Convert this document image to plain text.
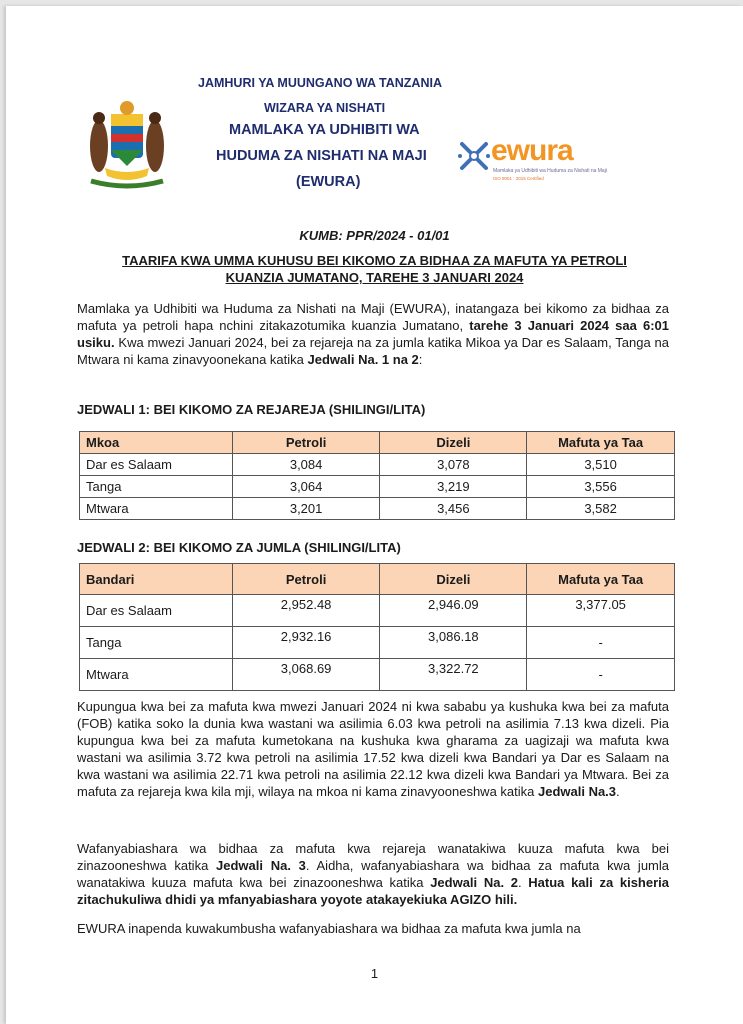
JAMHURI YA MUUNGANO WA TANZANIA
WIZARA YA NISHATI
MAMLAKA YA UDHIBITI WA
HUDUMA ZA NISHATI NA MAJI
(EWURA)
ewura
Mamlaka ya Udhibiti wa Huduma za Nishati na Maji
ISO 9001 : 2015 Certified
KUMB: PPR/2024 - 01/01
TAARIFA KWA UMMA KUHUSU BEI KIKOMO ZA BIDHAA ZA MAFUTA YA PETROLI
KUANZIA JUMATANO, TAREHE 3 JANUARI 2024
Mamlaka ya Udhibiti wa Huduma za Nishati na Maji (EWURA), inatangaza bei kikomo za bidhaa za mafuta ya petroli hapa nchini zitakazotumika kuanzia Jumatano, tarehe 3 Januari 2024 saa 6:01 usiku. Kwa mwezi Januari 2024, bei za rejareja na za jumla katika Mikoa ya Dar es Salaam, Tanga na Mtwara ni kama zinavyoonekana katika Jedwali Na. 1 na 2:
JEDWALI 1: BEI KIKOMO ZA REJAREJA (SHILINGI/LITA)
Mkoa	Petroli	Dizeli	Mafuta ya Taa
Dar es Salaam	3,084	3,078	3,510
Tanga	3,064	3,219	3,556
Mtwara	3,201	3,456	3,582
JEDWALI 2: BEI KIKOMO ZA JUMLA (SHILINGI/LITA)
Bandari	Petroli	Dizeli	Mafuta ya Taa
Dar es Salaam	2,952.48	2,946.09	3,377.05
Tanga	2,932.16	3,086.18	-
Mtwara	3,068.69	3,322.72	-
Kupungua kwa bei za mafuta kwa mwezi Januari 2024 ni kwa sababu ya kushuka kwa bei za mafuta (FOB) katika soko la dunia kwa wastani wa asilimia 6.03 kwa petroli na asilimia 7.13 kwa dizeli. Pia kupungua kwa bei za mafuta kumetokana na kushuka kwa gharama za uagizaji wa mafuta kwa wastani wa asilimia 3.72 kwa petroli na asilimia 17.52 kwa dizeli kwa Bandari ya Dar es Salaam na kwa wastani wa asilimia 22.71 kwa petroli na asilimia 22.12 kwa dizeli kwa Bandari ya Mtwara. Bei za mafuta za rejareja kwa kila mji, wilaya na mkoa ni kama zinavyooneshwa katika Jedwali Na.3.
Wafanyabiashara wa bidhaa za mafuta kwa rejareja wanatakiwa kuuza mafuta kwa bei zinazooneshwa katika Jedwali Na. 3. Aidha, wafanyabiashara wa bidhaa za mafuta kwa jumla wanatakiwa kuuza mafuta kwa bei zinazooneshwa katika Jedwali Na. 2. Hatua kali za kisheria zitachukuliwa dhidi ya mfanyabiashara yoyote atakayekiuka AGIZO hili.
EWURA inapenda kuwakumbusha wafanyabiashara wa bidhaa za mafuta kwa jumla na
1
